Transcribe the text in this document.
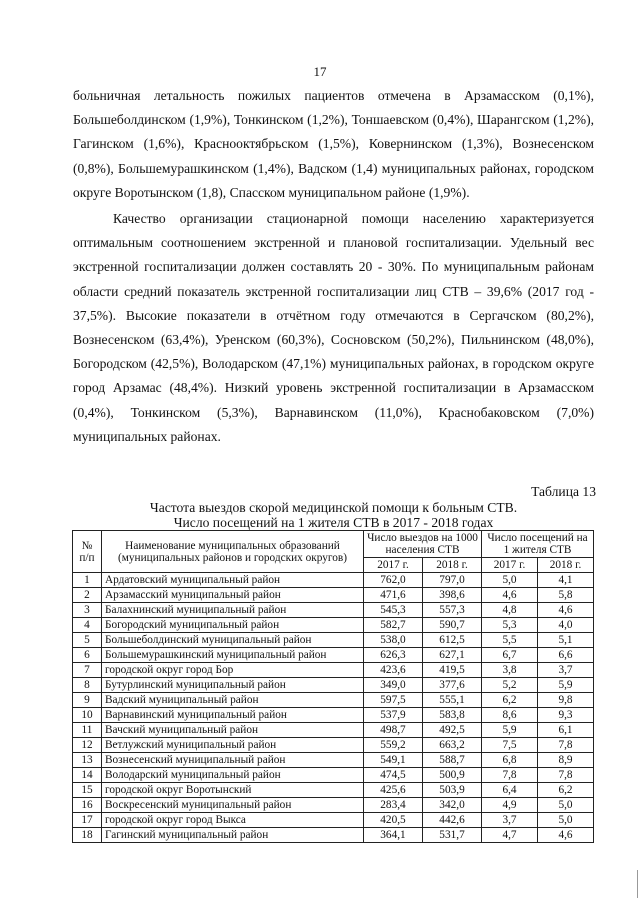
17

больничная летальность пожилых пациентов отмечена в Арзамасском (0,1%), Большеболдинском (1,9%), Тонкинском (1,2%), Тоншаевском (0,4%), Шарангском (1,2%), Гагинском (1,6%), Краснооктябрьском (1,5%), Ковернинском (1,3%), Вознесенском (0,8%), Большемурашкинском (1,4%), Вадском (1,4) муниципальных районах, городском округе Воротынском (1,8), Спасском муниципальном районе (1,9%).

Качество организации стационарной помощи населению характеризуется оптимальным соотношением экстренной и плановой госпитализации. Удельный вес экстренной госпитализации должен составлять 20 - 30%. По муниципальным районам области средний показатель экстренной госпитализации лиц СТВ – 39,6% (2017 год - 37,5%). Высокие показатели в отчётном году отмечаются в Сергачском (80,2%), Вознесенском (63,4%), Уренском (60,3%), Сосновском (50,2%), Пильнинском (48,0%), Богородском (42,5%), Володарском (47,1%) муниципальных районах, в городском округе город Арзамас (48,4%). Низкий уровень экстренной госпитализации в Арзамасском (0,4%), Тонкинском (5,3%), Варнавинском (11,0%), Краснобаковском (7,0%) муниципальных районах.

Таблица 13
Частота выездов скорой медицинской помощи к больным СТВ.
Число посещений на 1 жителя СТВ в 2017 - 2018 годах
№ п/п	Наименование муниципальных образований (муниципальных районов и городских округов)	Число выездов на 1000 населения СТВ		Число посещений на 1 жителя СТВ	
		2017 г.	2018 г.	2017 г.	2018 г.
1	Ардатовский муниципальный район	762,0	797,0	5,0	4,1
2	Арзамасский муниципальный район	471,6	398,6	4,6	5,8
3	Балахнинский муниципальный район	545,3	557,3	4,8	4,6
4	Богородский муниципальный район	582,7	590,7	5,3	4,0
5	Большеболдинский муниципальный район	538,0	612,5	5,5	5,1
6	Большемурашкинский муниципальный район	626,3	627,1	6,7	6,6
7	городской округ город Бор	423,6	419,5	3,8	3,7
8	Бутурлинский муниципальный район	349,0	377,6	5,2	5,9
9	Вадский муниципальный район	597,5	555,1	6,2	9,8
10	Варнавинский муниципальный район	537,9	583,8	8,6	9,3
11	Вачский муниципальный район	498,7	492,5	5,9	6,1
12	Ветлужский муниципальный район	559,2	663,2	7,5	7,8
13	Вознесенский муниципальный район	549,1	588,7	6,8	8,9
14	Володарский муниципальный район	474,5	500,9	7,8	7,8
15	городской округ Воротынский	425,6	503,9	6,4	6,2
16	Воскресенский муниципальный район	283,4	342,0	4,9	5,0
17	городской округ город Выкса	420,5	442,6	3,7	5,0
18	Гагинский муниципальный район	364,1	531,7	4,7	4,6
